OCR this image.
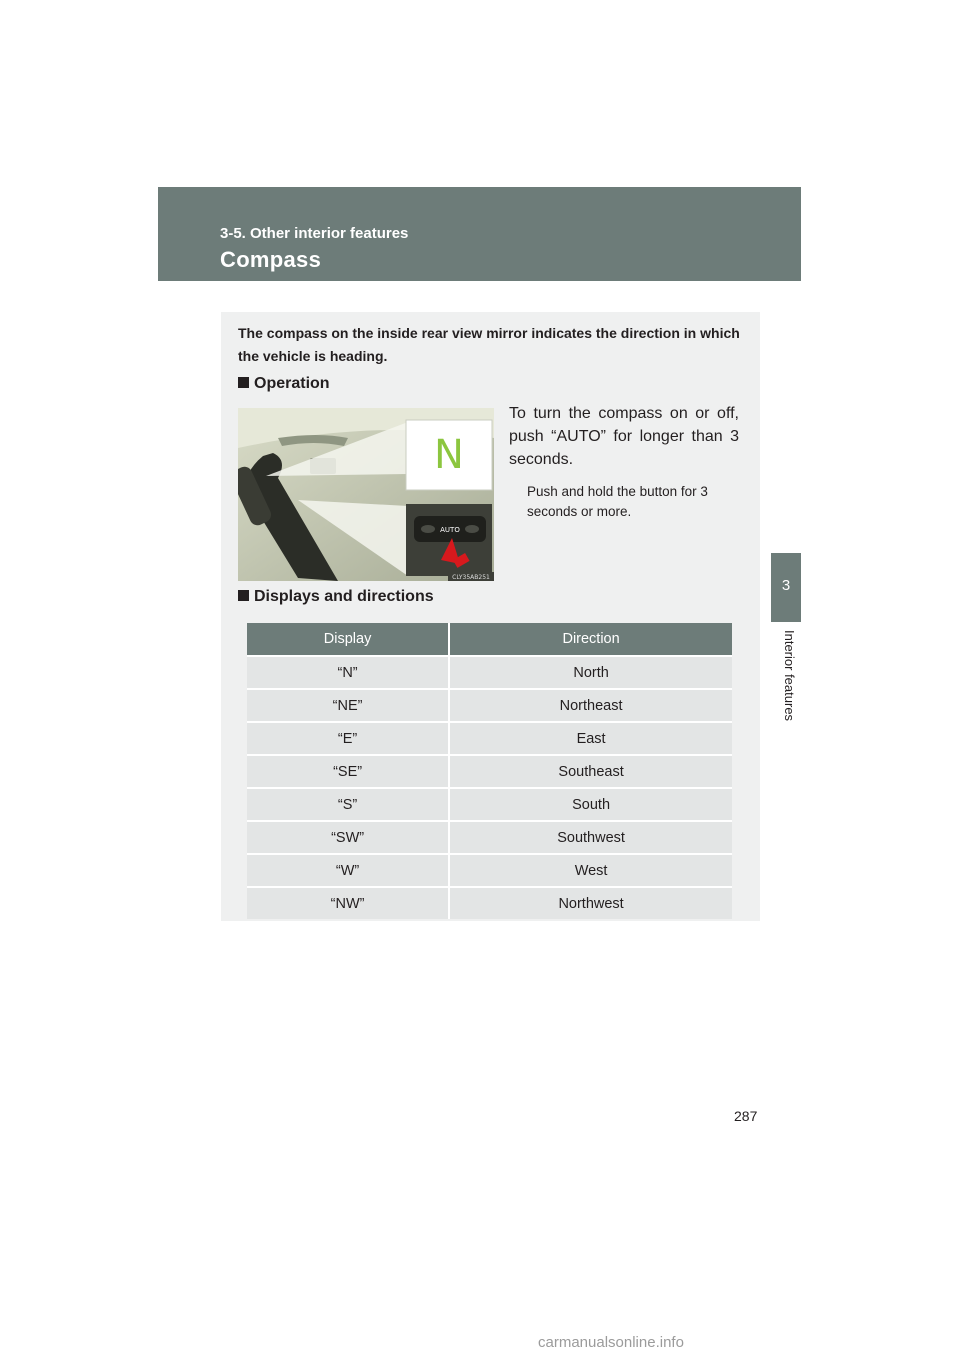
3-5. Other interior features
Compass
3
Interior features
The compass on the inside rear view mirror indicates the direction in which the vehicle is heading.
Operation
N
AUTO
CLY35AB251
To turn the compass on or off, push “AUTO” for longer than 3 seconds.
Push and hold the button for 3 seconds or more.
Displays and directions
Display	Direction
“N”	North
“NE”	Northeast
“E”	East
“SE”	Southeast
“S”	South
“SW”	Southwest
“W”	West
“NW”	Northwest
287
carmanualsonline.info
